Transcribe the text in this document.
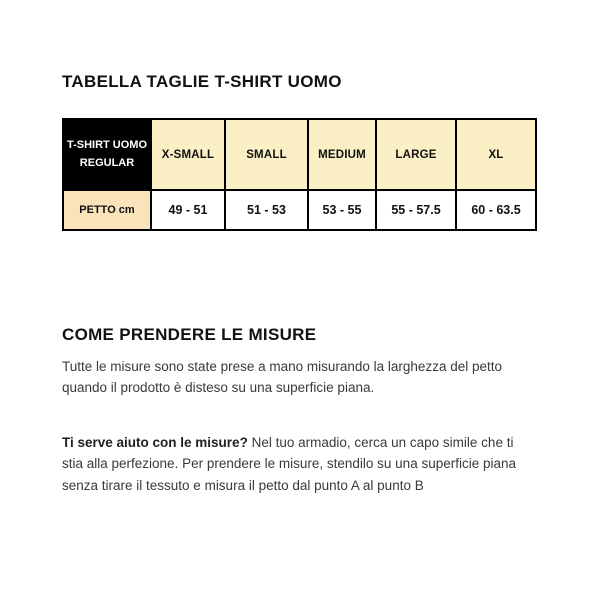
TABELLA TAGLIE T-SHIRT UOMO
T-SHIRT UOMO REGULAR	X-SMALL	SMALL	MEDIUM	LARGE	XL
PETTO cm	49 - 51	51 - 53	53 - 55	55 - 57.5	60 - 63.5
COME PRENDERE LE MISURE

Tutte le misure sono state prese a mano misurando la larghezza del petto quando il prodotto è disteso su una superficie piana.

Ti serve aiuto con le misure? Nel tuo armadio, cerca un capo simile che ti stia alla perfezione. Per prendere le misure, stendilo su una superficie piana senza tirare il tessuto e misura il petto dal punto A al punto B
